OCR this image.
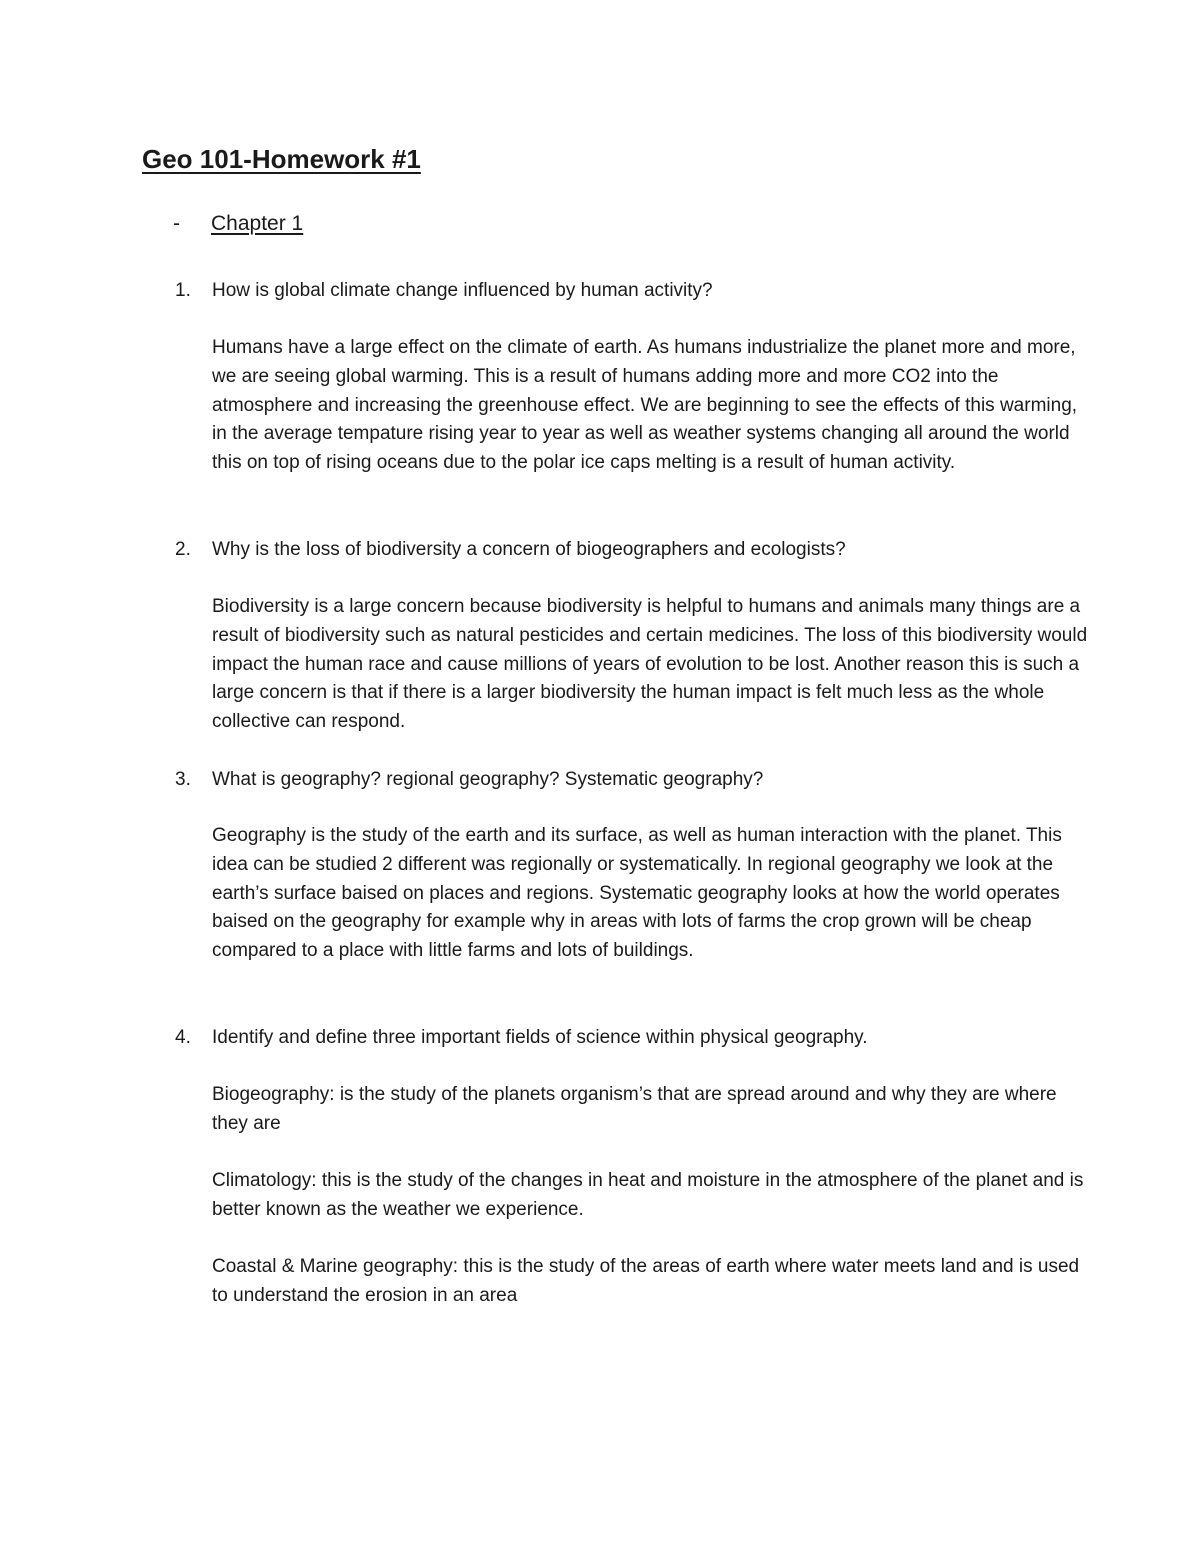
Geo 101-Homework #1
- Chapter 1
1. How is global climate change influenced by human activity?

Humans have a large effect on the climate of earth. As humans industrialize the planet more and more, we are seeing global warming. This is a result of humans adding more and more CO2 into the atmosphere and increasing the greenhouse effect. We are beginning to see the effects of this warming, in the average tempature rising year to year as well as weather systems changing all around the world this on top of rising oceans due to the polar ice caps melting is a result of human activity.

2. Why is the loss of biodiversity a concern of biogeographers and ecologists?

Biodiversity is a large concern because biodiversity is helpful to humans and animals many things are a result of biodiversity such as natural pesticides and certain medicines. The loss of this biodiversity would impact the human race and cause millions of years of evolution to be lost. Another reason this is such a large concern is that if there is a larger biodiversity the human impact is felt much less as the whole collective can respond.

3. What is geography? regional geography? Systematic geography?

Geography is the study of the earth and its surface, as well as human interaction with the planet. This idea can be studied 2 different was regionally or systematically. In regional geography we look at the earth’s surface baised on places and regions. Systematic geography looks at how the world operates baised on the geography for example why in areas with lots of farms the crop grown will be cheap compared to a place with little farms and lots of buildings.

4. Identify and define three important fields of science within physical geography.

Biogeography: is the study of the planets organism’s that are spread around and why they are where they are

Climatology: this is the study of the changes in heat and moisture in the atmosphere of the planet and is better known as the weather we experience.

Coastal & Marine geography: this is the study of the areas of earth where water meets land and is used to understand the erosion in an area
